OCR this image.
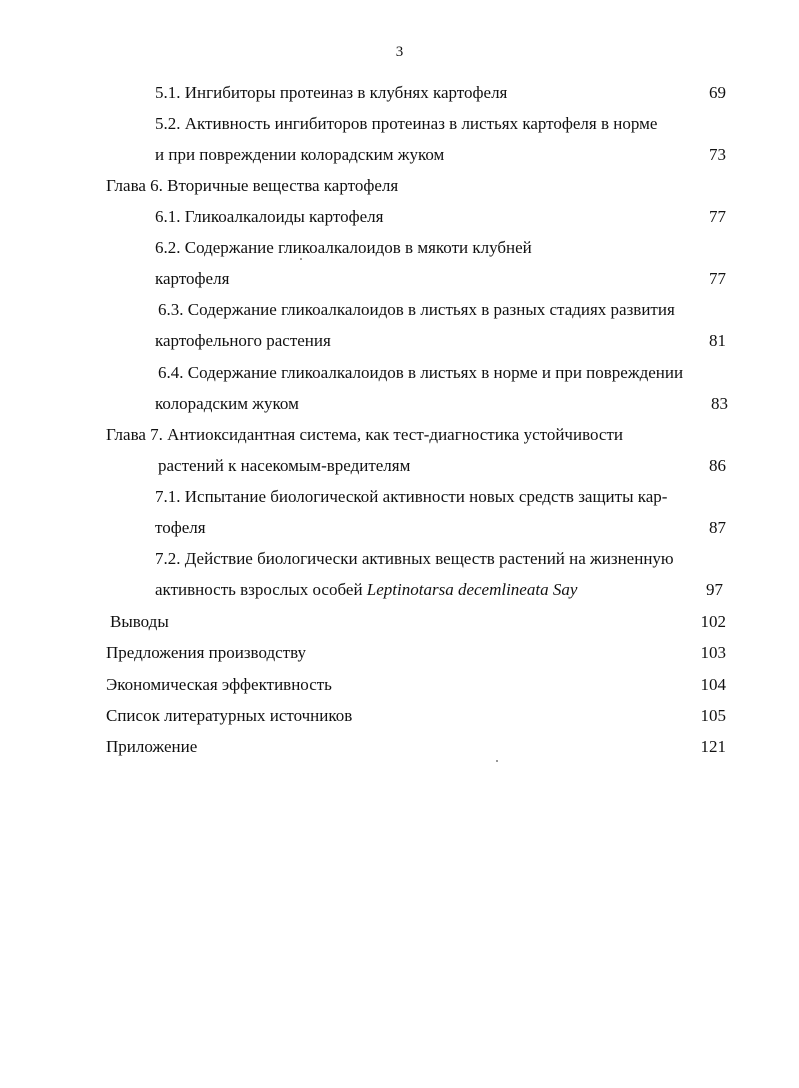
3
5.1. Ингибиторы протеиназ в клубнях картофеля	69
5.2. Активность ингибиторов протеиназ в листьях картофеля в норме
и при повреждении колорадским жуком	73
Глава 6. Вторичные вещества картофеля
6.1. Гликоалкалоиды картофеля	77
6.2. Содержание гликоалкалоидов в мякоти клубней
картофеля	77
6.3. Содержание гликоалкалоидов в листьях в разных стадиях развития
картофельного растения	81
6.4. Содержание гликоалкалоидов в листьях в норме и при повреждении
колорадским жуком	83
Глава 7. Антиоксидантная система, как тест-диагностика устойчивости
растений к насекомым-вредителям	86
7.1. Испытание биологической активности новых средств защиты кар-
тофеля	87
7.2. Действие биологически активных веществ растений на жизненную
активность взрослых особей Leptinotarsa decemlineata Say	97
Выводы	102
Предложения производству	103
Экономическая эффективность	104
Список литературных источников	105
Приложение	121
